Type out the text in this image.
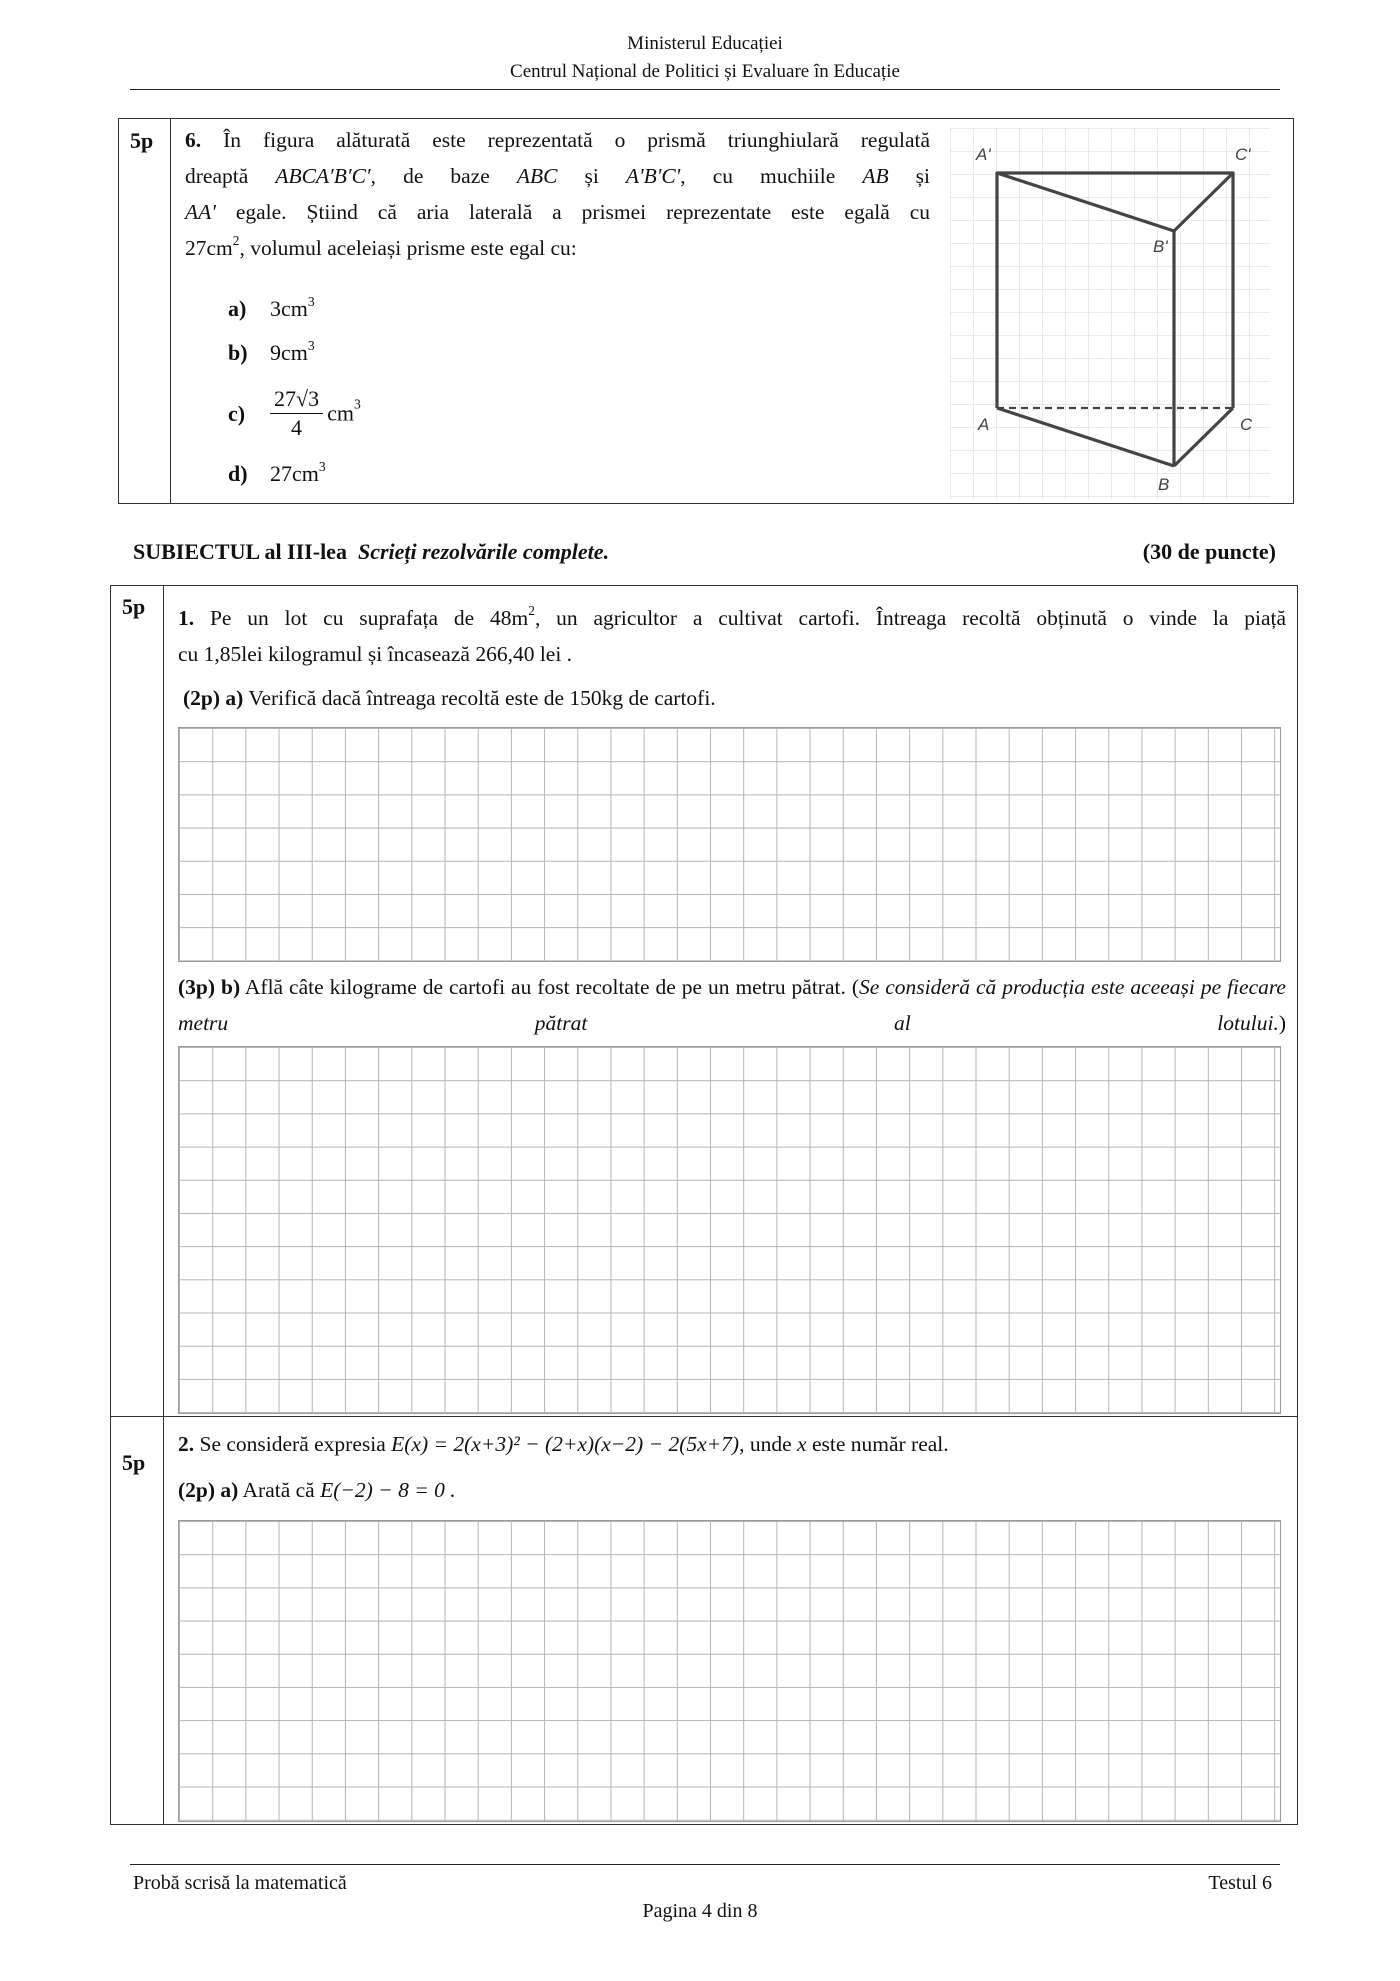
Ministerul Educației
Centrul Național de Politici și Evaluare în Educație
5p 6. În figura alăturată este reprezentată o prismă triunghiulară regulată
dreaptă ABCA′B′C′, de baze ABC și A'B'C', cu muchiile AB și
AA' egale. Știind că aria laterală a prismei reprezentate este egală cu
$27cm^2$, volumul aceleiași prisme este egal cu:
a) $3cm^3$
b) $9cm^3$
$c) \frac{27√3}{4} cm^3$
d) $27cm^3$
A'	C'
B'
A	C
B
SUBIECTUL al III-lea Scrieți rezolvările complete.	(30 de puncte)
5p 1. Pe un lot cu suprafața de $48m^2$, un agricultor a cultivat cartofi. Întreaga recoltă obținută o vinde la piață
cu 1,85lei kilogramul și încasează 266,40 lei .
(2p) a) Verifică dacă întreaga recoltă este de 150kg de cartofi.
(3p) b) Află câte kilograme de cartofi au fost recoltate de pe un metru pătrat. (Se consideră că producția este aceeași pe fiecare metru pătrat al lotului.)
5p
2. Se consideră expresia E(x) = 2(x+3)² − (2+x)(x−2) − 2(5x+7), unde x este număr real.
(2p) a) Arată că E(−2) − 8 = 0 .
Probă scrisă la matematică	Testul 6
Pagina 4 din 8
